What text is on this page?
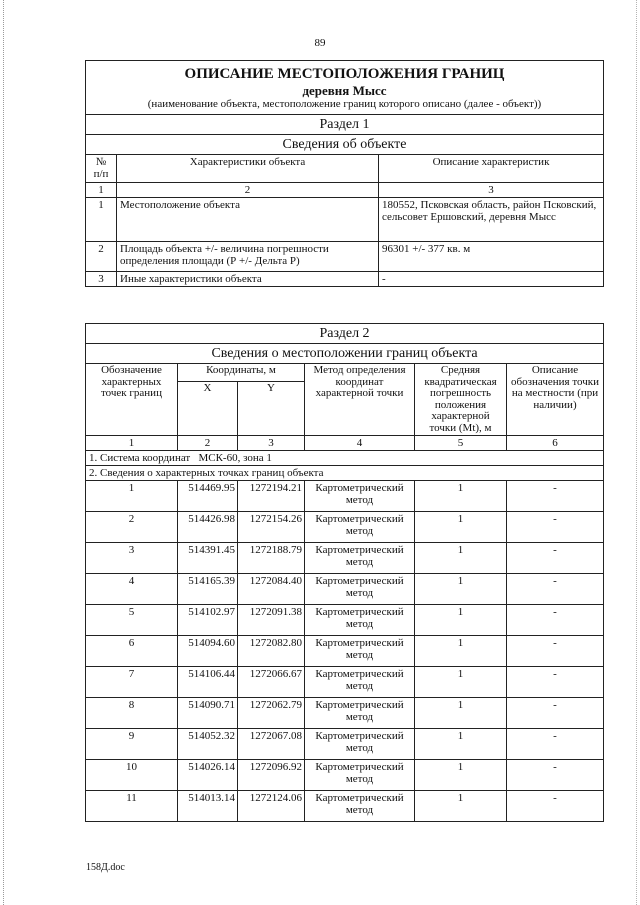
89
ОПИСАНИЕ МЕСТОПОЛОЖЕНИЯ ГРАНИЦ
деревня Мысс
(наименование объекта, местоположение границ которого описано (далее - объект))		

Раздел 1		
Сведения об объекте		
№
п/п	Характеристики объекта	Описание характеристик
1	2	3
1	Местоположение объекта	180552, Псковская область, район Псковский, сельсовет Ершовский, деревня Мысс
2	Площадь объекта +/- величина погрешности определения площади (Р +/- Дельта Р)	96301 +/- 377 кв. м
3	Иные характеристики объекта	-
Раздел 2					
Сведения о местоположении границ объекта					
Обозначение характерных точек границ	Координаты, м		Метод определения координат характерной точки	Средняя квадратическая погрешность положения характерной точки (Mt), м	Описание обозначения точки на местности (при наличии)
	X	Y			
1	2	3	4	5	6
1. Система координат   МСК-60, зона 1					
2. Сведения о характерных точках границ объекта					
1	514469.95	1272194.21	Картометрический метод	1	-
2	514426.98	1272154.26	Картометрический метод	1	-
3	514391.45	1272188.79	Картометрический метод	1	-
4	514165.39	1272084.40	Картометрический метод	1	-
5	514102.97	1272091.38	Картометрический метод	1	-
6	514094.60	1272082.80	Картометрический метод	1	-
7	514106.44	1272066.67	Картометрический метод	1	-
8	514090.71	1272062.79	Картометрический метод	1	-
9	514052.32	1272067.08	Картометрический метод	1	-
10	514026.14	1272096.92	Картометрический метод	1	-
11	514013.14	1272124.06	Картометрический метод	1	-
158Д.doc
